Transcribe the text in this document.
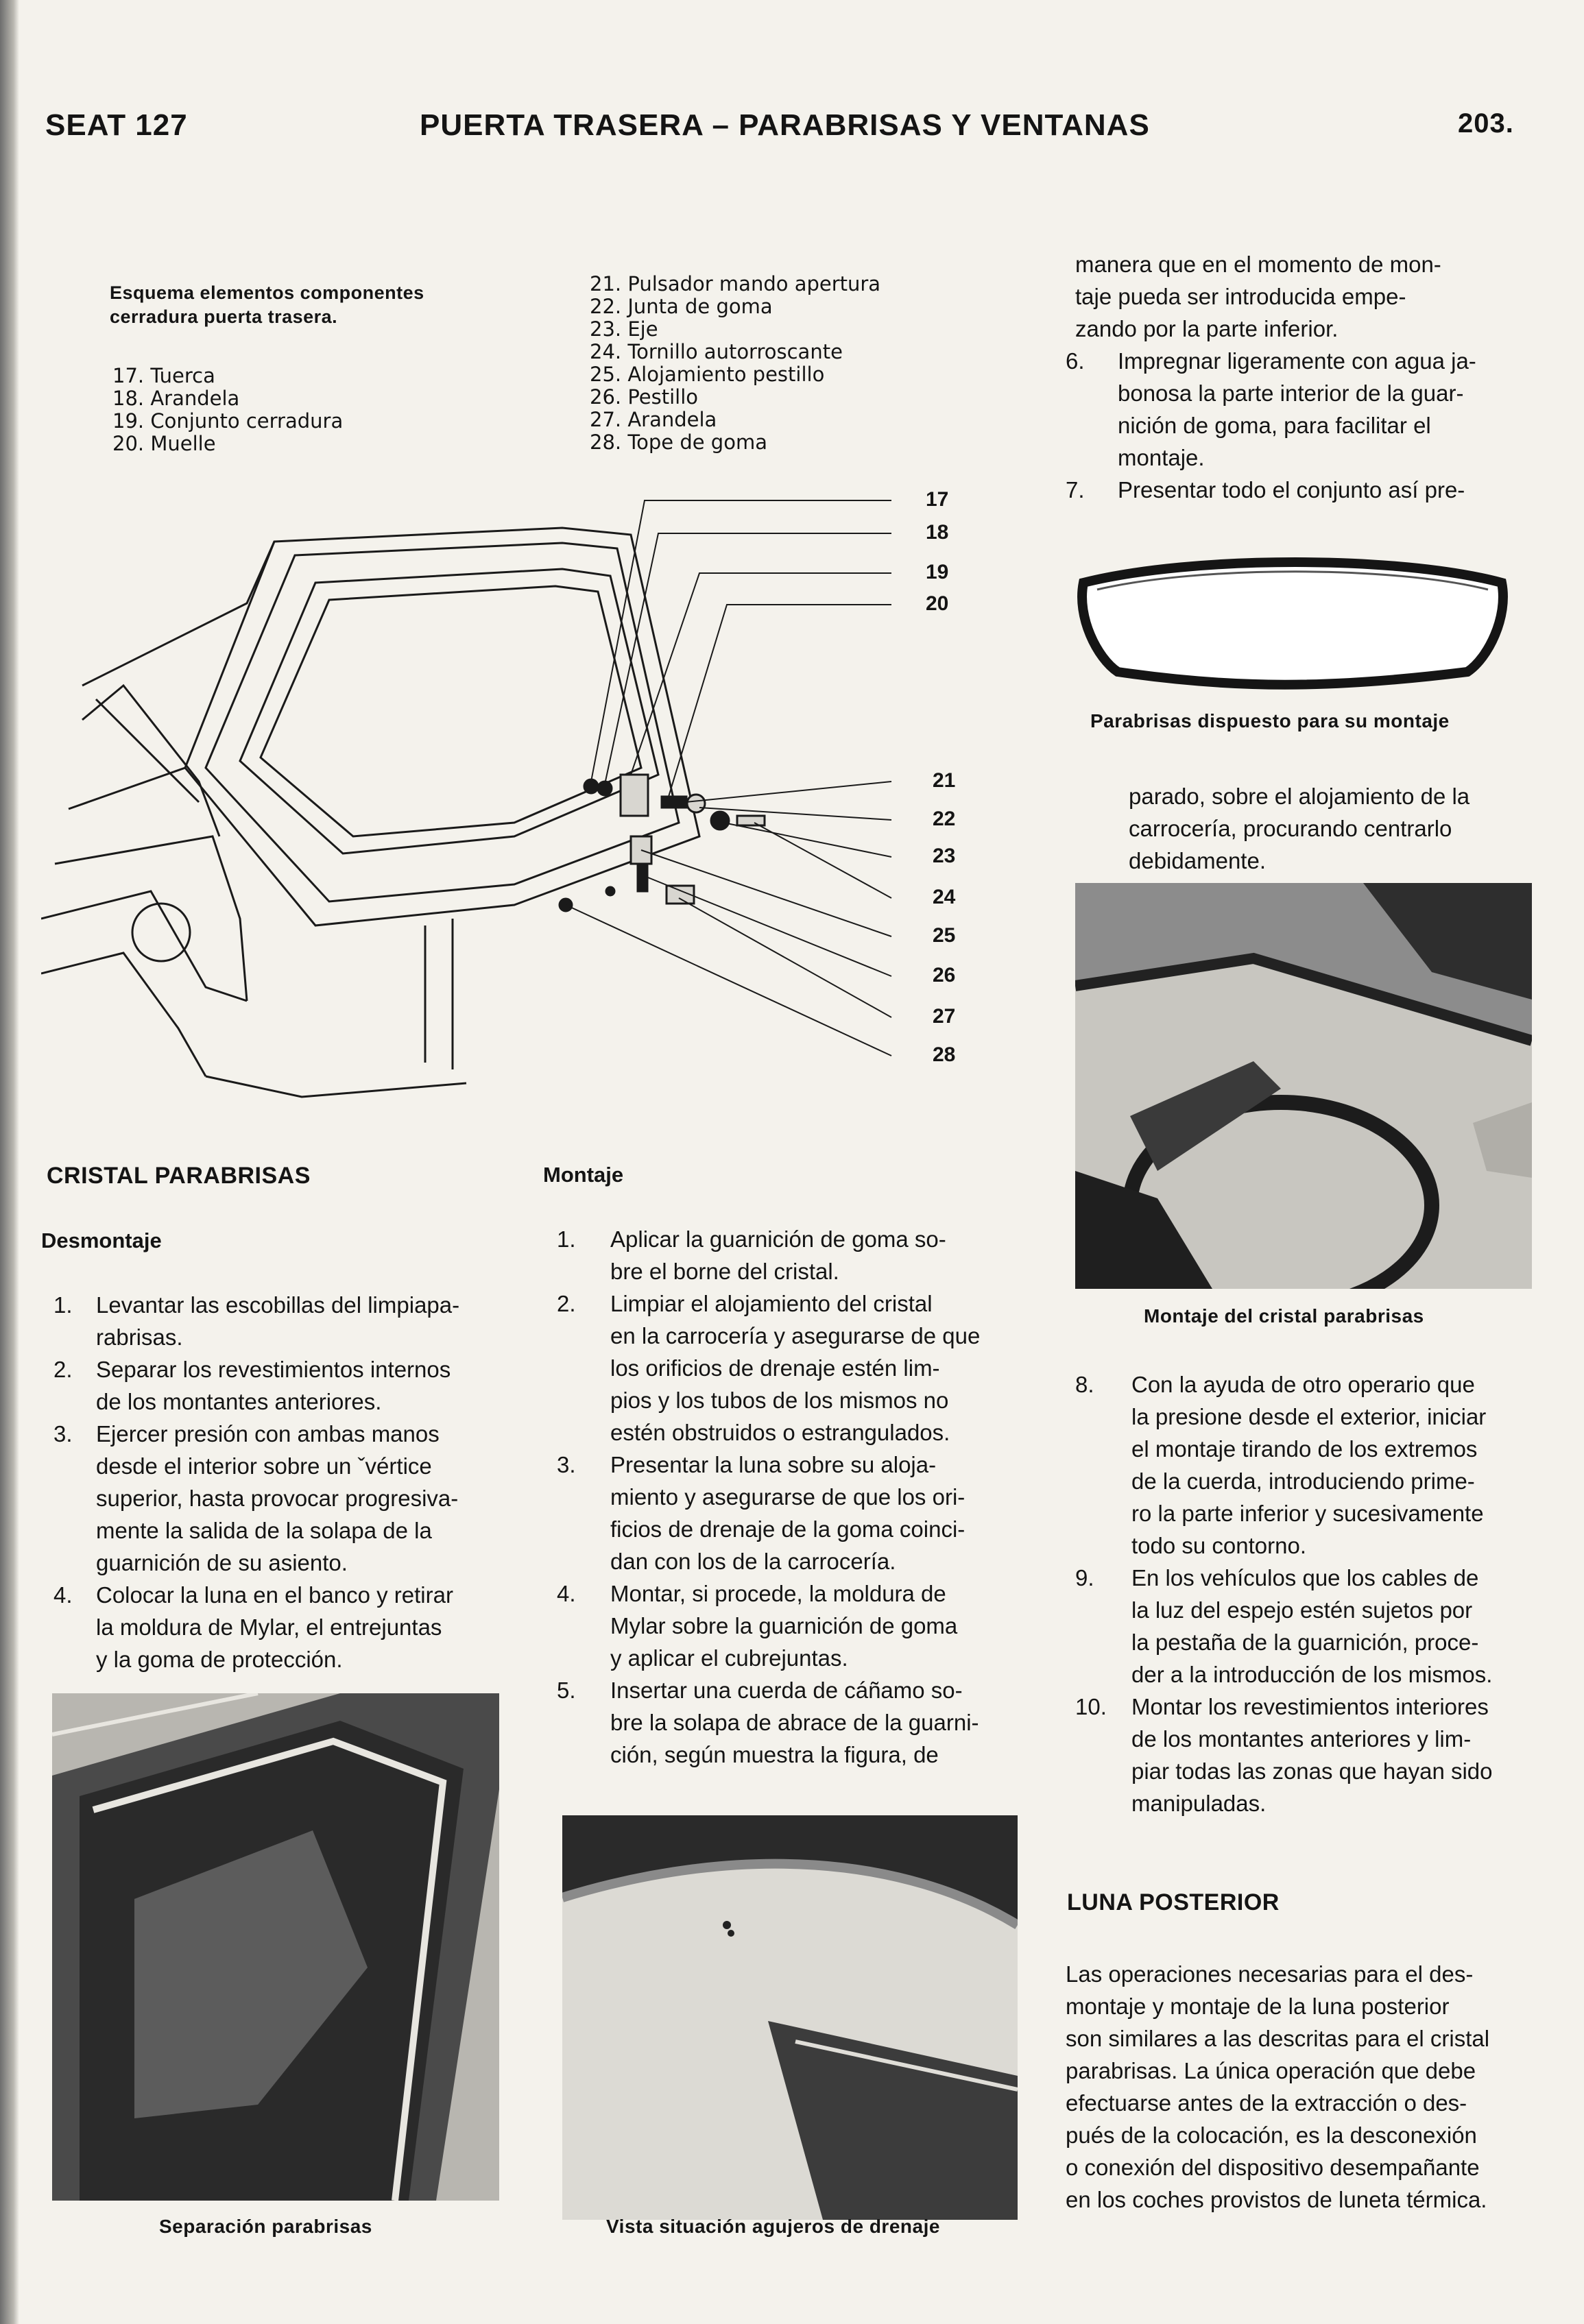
SEAT 127	PUERTA TRASERA – PARABRISAS Y VENTANAS	203.
Esquema elementos componentes cerradura puerta trasera.
17. Tuerca
18. Arandela
19. Conjunto cerradura
20. Muelle
21. Pulsador mando apertura
22. Junta de goma
23. Eje
24. Tornillo autorroscante
25. Alojamiento pestillo
26. Pestillo
27. Arandela
28. Tope de goma
17
18
19
20
21
22
23
24
25
26
27
28
CRISTAL PARABRISAS
Desmontaje
1. Levantar las escobillas del limpiapa-

rabrisas.

2. Separar los revestimientos internos

de los montantes anteriores.

3. Ejercer presión con ambas manos

desde el interior sobre un ˇvértice

superior, hasta provocar progresiva-

mente la salida de la solapa de la

guarnición de su asiento.

4. Colocar la luna en el banco y retirar

la moldura de Mylar, el entrejuntas

y la goma de protección.

Separación parabrisas
Montaje
1. Aplicar la guarnición de goma so-

bre el borne del cristal.

2. Limpiar el alojamiento del cristal

en la carrocería y asegurarse de que

los orificios de drenaje estén lim-

pios y los tubos de los mismos no

estén obstruidos o estrangulados.

3. Presentar la luna sobre su aloja-

miento y asegurarse de que los ori-

ficios de drenaje de la goma coinci-

dan con los de la carrocería.

4. Montar, si procede, la moldura de

Mylar sobre la guarnición de goma

y aplicar el cubrejuntas.

5. Insertar una cuerda de cáñamo so-

bre la solapa de abrace de la guarni-

ción, según muestra la figura, de

Vista situación agujeros de drenaje

manera que en el momento de mon-

taje pueda ser introducida empe-

zando por la parte inferior.

6. Impregnar ligeramente con agua ja-

bonosa la parte interior de la guar-

nición de goma, para facilitar el

montaje.

7. Presentar todo el conjunto así pre-

Parabrisas dispuesto para su montaje

parado, sobre el alojamiento de la

carrocería, procurando centrarlo

debidamente.

Montaje del cristal parabrisas
8. Con la ayuda de otro operario que

la presione desde el exterior, iniciar

el montaje tirando de los extremos

de la cuerda, introduciendo prime-

ro la parte inferior y sucesivamente

todo su contorno.

9. En los vehículos que los cables de

la luz del espejo estén sujetos por

la pestaña de la guarnición, proce-

der a la introducción de los mismos.

10. Montar los revestimientos interiores

de los montantes anteriores y lim-

piar todas las zonas que hayan sido

manipuladas.

LUNA POSTERIOR

Las operaciones necesarias para el des-

montaje y montaje de la luna posterior

son similares a las descritas para el cristal

parabrisas. La única operación que debe

efectuarse antes de la extracción o des-

pués de la colocación, es la desconexión

o conexión del dispositivo desempañante

en los coches provistos de luneta térmica.
